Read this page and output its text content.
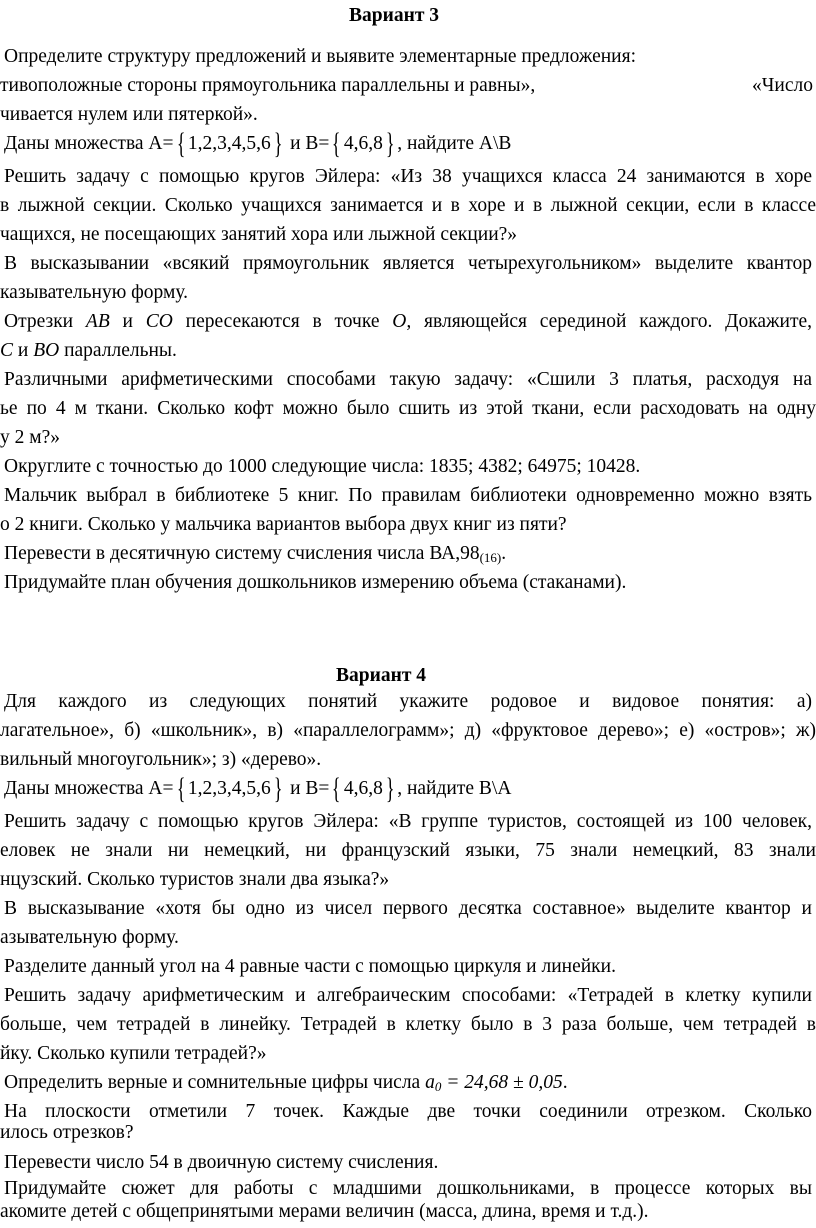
Вариант 3
Определите структуру предложений и выявите элементарные предложения:
тивоположные стороны прямоугольника параллельны и равны»,	«Число
чивается нулем или пятеркой».
Даны множества А={ 1,2,3,4,5,6} и В={ 4,6,8} , найдите А\В
Решить задачу с помощью кругов Эйлера: «Из 38 учащихся класса 24 занимаются в хоре
в лыжной секции. Сколько учащихся занимается и в хоре и в лыжной секции, если в классе
чащихся, не посещающих занятий хора или лыжной секции?»
В высказывании «всякий прямоугольник является четырехугольником» выделите квантор
казывательную форму.
Отрезки AB и CO пересекаются в точке O, являющейся серединой каждого. Докажите,
C и BO параллельны.
Различными арифметическими способами такую задачу: «Сшили 3 платья, расходуя на
ье по 4 м ткани. Сколько кофт можно было сшить из этой ткани, если расходовать на одну
у 2 м?»
Округлите с точностью до 1000 следующие числа: 1835; 4382; 64975; 10428.
Мальчик выбрал в библиотеке 5 книг. По правилам библиотеки одновременно можно взять
о 2 книги. Сколько у мальчика вариантов выбора двух книг из пяти?
Перевести в десятичную систему счисления числа $ВА,98_{(16)}$.
Придумайте план обучения дошкольников измерению объема (стаканами).
Вариант 4
Для каждого из следующих понятий укажите родовое и видовое понятия: а)
лагательное», б) «школьник», в) «параллелограмм»; д) «фруктовое дерево»; е) «остров»; ж)
вильный многоугольник»; з) «дерево».
Даны множества А={ 1,2,3,4,5,6} и В={ 4,6,8} , найдите В\А
Решить задачу с помощью кругов Эйлера: «В группе туристов, состоящей из 100 человек,
еловек не знали ни немецкий, ни французский языки, 75 знали немецкий, 83 знали
нцузский. Сколько туристов знали два языка?»
В высказывание «хотя бы одно из чисел первого десятка составное» выделите квантор и
азывательную форму.
Разделите данный угол на 4 равные части с помощью циркуля и линейки.
Решить задачу арифметическим и алгебраическим способами: «Тетрадей в клетку купили
больше, чем тетрадей в линейку. Тетрадей в клетку было в 3 раза больше, чем тетрадей в
йку. Сколько купили тетрадей?»
Определить верные и сомнительные цифры числа $a_0 = 24,68 \pm 0,05$.
На плоскости отметили 7 точек. Каждые две точки соединили отрезком. Сколько
илось отрезков?
Перевести число 54 в двоичную систему счисления.
Придумайте сюжет для работы с младшими дошкольниками, в процессе которых вы
акомите детей с общепринятыми мерами величин (масса, длина, время и т.д.).
